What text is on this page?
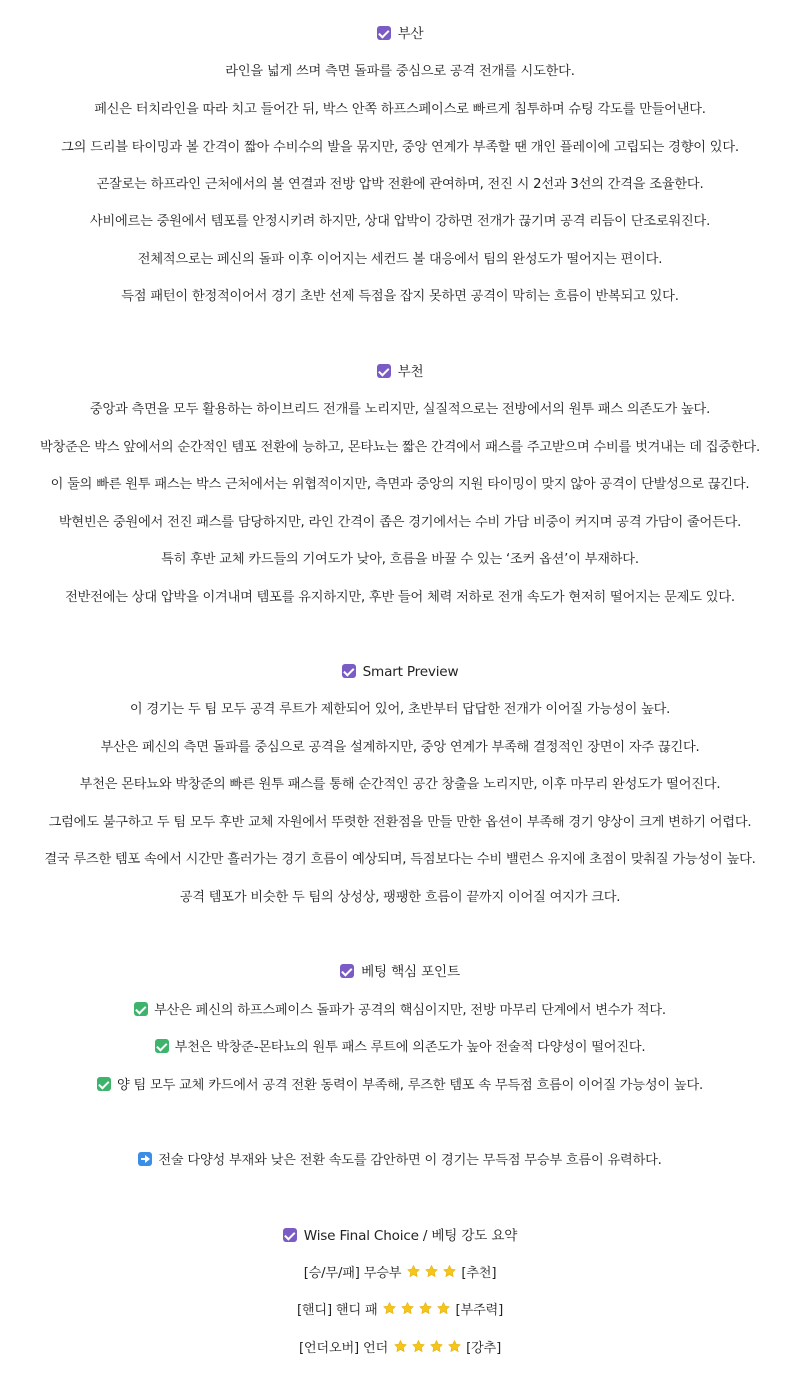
부산
라인을 넓게 쓰며 측면 돌파를 중심으로 공격 전개를 시도한다.
페신은 터치라인을 따라 치고 들어간 뒤, 박스 안쪽 하프스페이스로 빠르게 침투하며 슈팅 각도를 만들어낸다.
그의 드리블 타이밍과 볼 간격이 짧아 수비수의 발을 묶지만, 중앙 연계가 부족할 땐 개인 플레이에 고립되는 경향이 있다.
곤잘로는 하프라인 근처에서의 볼 연결과 전방 압박 전환에 관여하며, 전진 시 2선과 3선의 간격을 조율한다.
사비에르는 중원에서 템포를 안정시키려 하지만, 상대 압박이 강하면 전개가 끊기며 공격 리듬이 단조로워진다.
전체적으로는 페신의 돌파 이후 이어지는 세컨드 볼 대응에서 팀의 완성도가 떨어지는 편이다.
득점 패턴이 한정적이어서 경기 초반 선제 득점을 잡지 못하면 공격이 막히는 흐름이 반복되고 있다.
부천
중앙과 측면을 모두 활용하는 하이브리드 전개를 노리지만, 실질적으로는 전방에서의 원투 패스 의존도가 높다.
박창준은 박스 앞에서의 순간적인 템포 전환에 능하고, 몬타뇨는 짧은 간격에서 패스를 주고받으며 수비를 벗겨내는 데 집중한다.
이 둘의 빠른 원투 패스는 박스 근처에서는 위협적이지만, 측면과 중앙의 지원 타이밍이 맞지 않아 공격이 단발성으로 끊긴다.
박현빈은 중원에서 전진 패스를 담당하지만, 라인 간격이 좁은 경기에서는 수비 가담 비중이 커지며 공격 가담이 줄어든다.
특히 후반 교체 카드들의 기여도가 낮아, 흐름을 바꿀 수 있는 ‘조커 옵션’이 부재하다.
전반전에는 상대 압박을 이겨내며 템포를 유지하지만, 후반 들어 체력 저하로 전개 속도가 현저히 떨어지는 문제도 있다.
Smart Preview
이 경기는 두 팀 모두 공격 루트가 제한되어 있어, 초반부터 답답한 전개가 이어질 가능성이 높다.
부산은 페신의 측면 돌파를 중심으로 공격을 설계하지만, 중앙 연계가 부족해 결정적인 장면이 자주 끊긴다.
부천은 몬타뇨와 박창준의 빠른 원투 패스를 통해 순간적인 공간 창출을 노리지만, 이후 마무리 완성도가 떨어진다.
그럼에도 불구하고 두 팀 모두 후반 교체 자원에서 뚜렷한 전환점을 만들 만한 옵션이 부족해 경기 양상이 크게 변하기 어렵다.
결국 루즈한 템포 속에서 시간만 흘러가는 경기 흐름이 예상되며, 득점보다는 수비 밸런스 유지에 초점이 맞춰질 가능성이 높다.
공격 템포가 비슷한 두 팀의 상성상, 팽팽한 흐름이 끝까지 이어질 여지가 크다.
베팅 핵심 포인트
부산은 페신의 하프스페이스 돌파가 공격의 핵심이지만, 전방 마무리 단계에서 변수가 적다.
부천은 박창준-몬타뇨의 원투 패스 루트에 의존도가 높아 전술적 다양성이 떨어진다.
양 팀 모두 교체 카드에서 공격 전환 동력이 부족해, 루즈한 템포 속 무득점 흐름이 이어질 가능성이 높다.
전술 다양성 부재와 낮은 전환 속도를 감안하면 이 경기는 무득점 무승부 흐름이 유력하다.
Wise Final Choice / 베팅 강도 요약
[승/무/패] 무승부	[추천]
[핸디] 핸디 패	[부주력]
[언더오버] 언더	[강추]
